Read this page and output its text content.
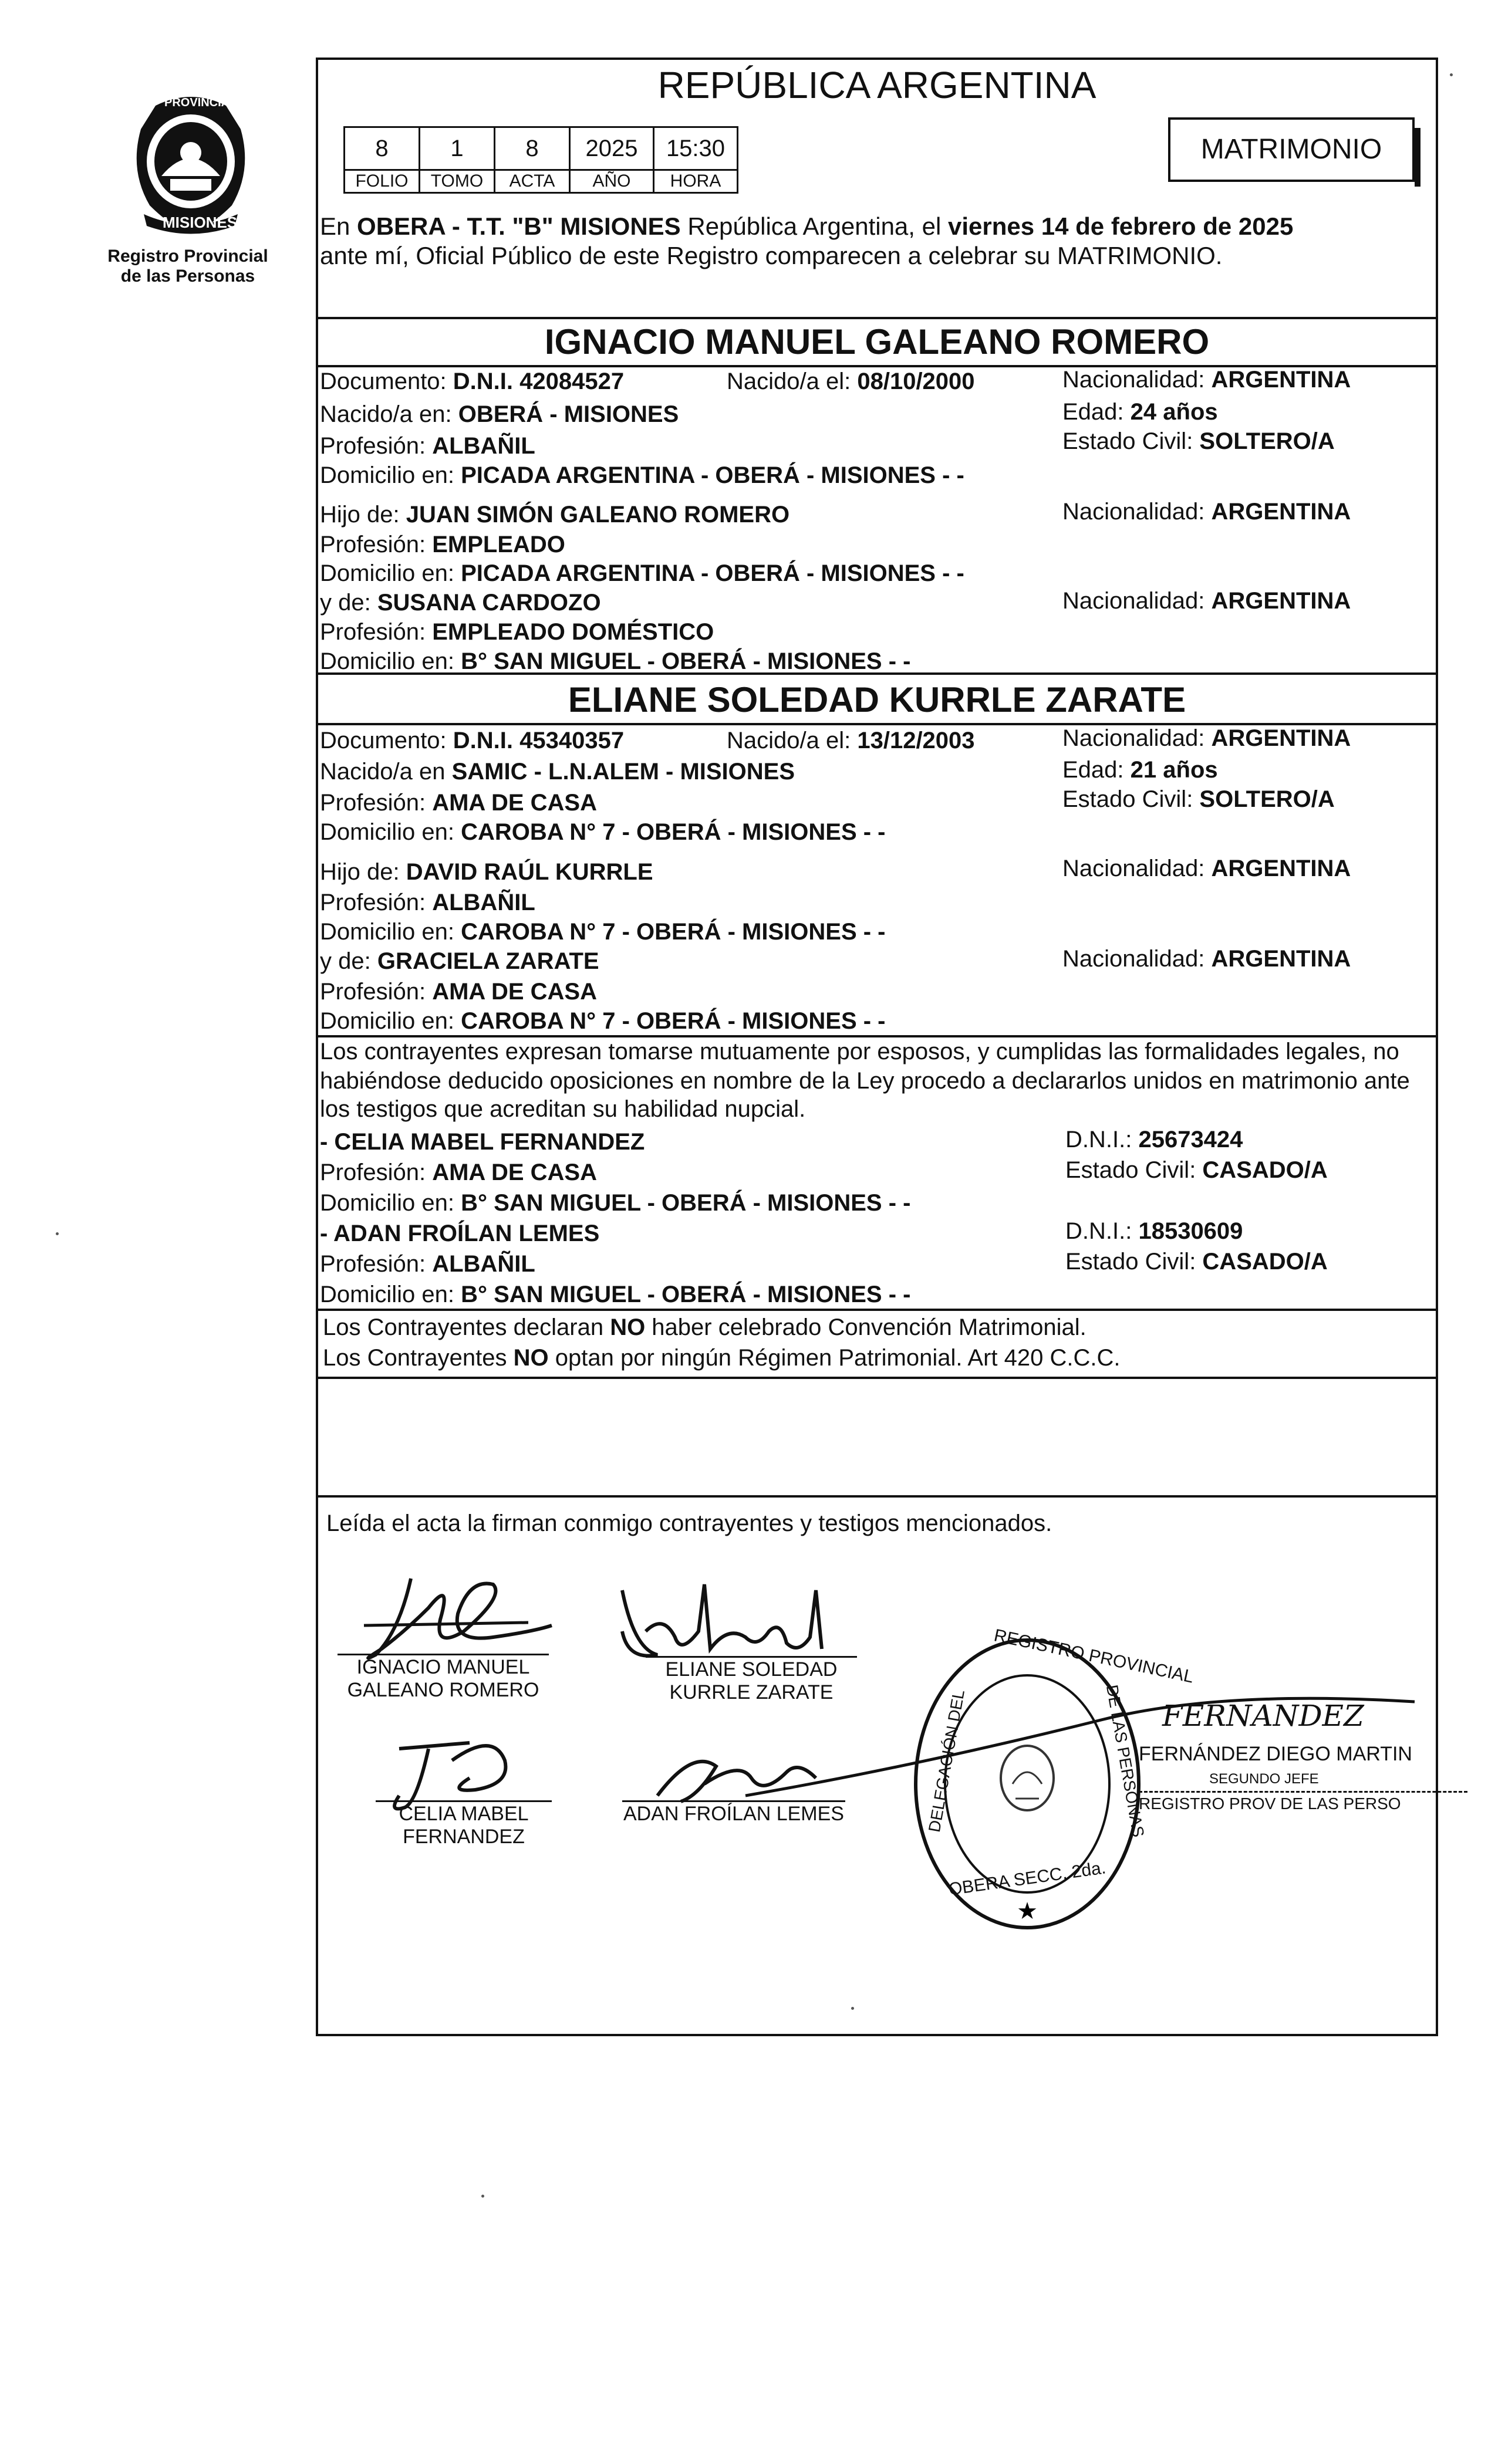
PROVINCIA DE
MISIONES
Registro Provincial
de las Personas
REPÚBLICA ARGENTINA
8	1	8	2025	15:30
FOLIO	TOMO	ACTA	AÑO	HORA
MATRIMONIO
En OBERA - T.T. "B" MISIONES República Argentina, el viernes 14 de febrero de 2025
ante mí, Oficial Público de este Registro comparecen a celebrar su MATRIMONIO.
IGNACIO MANUEL GALEANO ROMERO
Documento: D.N.I. 42084527	Nacido/a el: 08/10/2000	Nacionalidad: ARGENTINA
Nacido/a en: OBERÁ - MISIONES	Edad: 24 años
Profesión: ALBAÑIL	Estado Civil: SOLTERO/A
Domicilio en: PICADA ARGENTINA - OBERÁ - MISIONES - -
Hijo de: JUAN SIMÓN GALEANO ROMERO	Nacionalidad: ARGENTINA
Profesión: EMPLEADO
Domicilio en: PICADA ARGENTINA - OBERÁ - MISIONES - -
y de: SUSANA CARDOZO	Nacionalidad: ARGENTINA
Profesión: EMPLEADO DOMÉSTICO
Domicilio en: B° SAN MIGUEL - OBERÁ - MISIONES - -
ELIANE SOLEDAD KURRLE ZARATE
Documento: D.N.I. 45340357	Nacido/a el: 13/12/2003	Nacionalidad: ARGENTINA
Nacido/a en SAMIC - L.N.ALEM - MISIONES	Edad: 21 años
Profesión: AMA DE CASA	Estado Civil: SOLTERO/A
Domicilio en: CAROBA N° 7 - OBERÁ - MISIONES - -
Hijo de: DAVID RAÚL KURRLE	Nacionalidad: ARGENTINA
Profesión: ALBAÑIL
Domicilio en: CAROBA N° 7 - OBERÁ - MISIONES - -
y de: GRACIELA ZARATE	Nacionalidad: ARGENTINA
Profesión: AMA DE CASA
Domicilio en: CAROBA N° 7 - OBERÁ - MISIONES - -
Los contrayentes expresan tomarse mutuamente por esposos, y cumplidas las formalidades legales, no
habiéndose deducido oposiciones en nombre de la Ley procedo a declararlos unidos en matrimonio ante
los testigos que acreditan su habilidad nupcial.
- CELIA MABEL FERNANDEZ	D.N.I.: 25673424
Profesión: AMA DE CASA	Estado Civil: CASADO/A
Domicilio en: B° SAN MIGUEL - OBERÁ - MISIONES - -
- ADAN FROÍLAN LEMES	D.N.I.: 18530609
Profesión: ALBAÑIL	Estado Civil: CASADO/A
Domicilio en: B° SAN MIGUEL - OBERÁ - MISIONES - -
Los Contrayentes declaran NO haber celebrado Convención Matrimonial.
Los Contrayentes NO optan por ningún Régimen Patrimonial. Art 420 C.C.C.
Leída el acta la firman conmigo contrayentes y testigos mencionados.
IGNACIO MANUEL
GALEANO ROMERO
ELIANE SOLEDAD
KURRLE ZARATE
CELIA MABEL
FERNANDEZ
ADAN FROÍLAN LEMES
★
REGISTRO PROVINCIAL
DELEGACIÓN DEL	DE LAS PERSONAS
OBERA SECC. 2da.
FERNANDEZ
FERNÁNDEZ DIEGO MARTIN
SEGUNDO JEFE
REGISTRO PROV DE LAS PERSO
